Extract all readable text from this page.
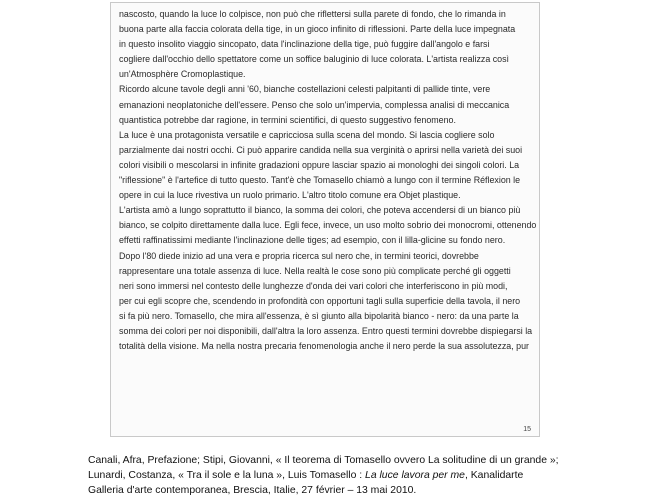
nascosto, quando la luce lo colpisce, non può che riflettersi sulla parete di fondo, che lo rimanda in
buona parte alla faccia colorata della tige, in un gioco infinito di riflessioni. Parte della luce impegnata
in questo insolito viaggio sincopato, data l'inclinazione della tige, può fuggire dall'angolo e farsi
cogliere dall'occhio dello spettatore come un soffice baluginio di luce colorata. L'artista realizza così
un'Atmosphère Cromoplastique.
Ricordo alcune tavole degli anni '60, bianche costellazioni celesti palpitanti di pallide tinte, vere
emanazioni neoplatoniche dell'essere. Penso che solo un'impervia, complessa analisi di meccanica
quantistica potrebbe dar ragione, in termini scientifici, di questo suggestivo fenomeno.
La luce è una protagonista versatile e capricciosa sulla scena del mondo. Si lascia cogliere solo
parzialmente dai nostri occhi. Ci può apparire candida nella sua verginità o aprirsi nella varietà dei suoi
colori visibili o mescolarsi in infinite gradazioni oppure lasciar spazio ai monologhi dei singoli colori. La
"riflessione" è l'artefice di tutto questo. Tant'è che Tomasello chiamò a lungo con il termine Réflexion le
opere in cui la luce rivestiva un ruolo primario. L'altro titolo comune era Objet plastique.
L'artista amò a lungo soprattutto il bianco, la somma dei colori, che poteva accendersi di un bianco più
bianco, se colpito direttamente dalla luce. Egli fece, invece, un uso molto sobrio dei monocromi, ottenendo
effetti raffinatissimi mediante l'inclinazione delle tiges; ad esempio, con il lilla-glicine su fondo nero.
Dopo l'80 diede inizio ad una vera e propria ricerca sul nero che, in termini teorici, dovrebbe
rappresentare una totale assenza di luce. Nella realtà le cose sono più complicate perché gli oggetti
neri sono immersi nel contesto delle lunghezze d'onda dei vari colori che interferiscono in più modi,
per cui egli scopre che, scendendo in profondità con opportuni tagli sulla superficie della tavola, il nero
si fa più nero. Tomasello, che mira all'essenza, è sì giunto alla bipolarità bianco - nero: da una parte la
somma dei colori per noi disponibili, dall'altra la loro assenza. Entro questi termini dovrebbe dispiegarsi la
totalità della visione. Ma nella nostra precaria fenomenologia anche il nero perde la sua assolutezza, pur
15
Canali, Afra, Prefazione; Stipi, Giovanni, « Il teorema di Tomasello ovvero La solitudine di un grande »;
Lunardi, Costanza, « Tra il sole e la luna », Luis Tomasello : La luce lavora per me, Kanalidarte
Galleria d'arte contemporanea, Brescia, Italie, 27 février – 13 mai 2010.
